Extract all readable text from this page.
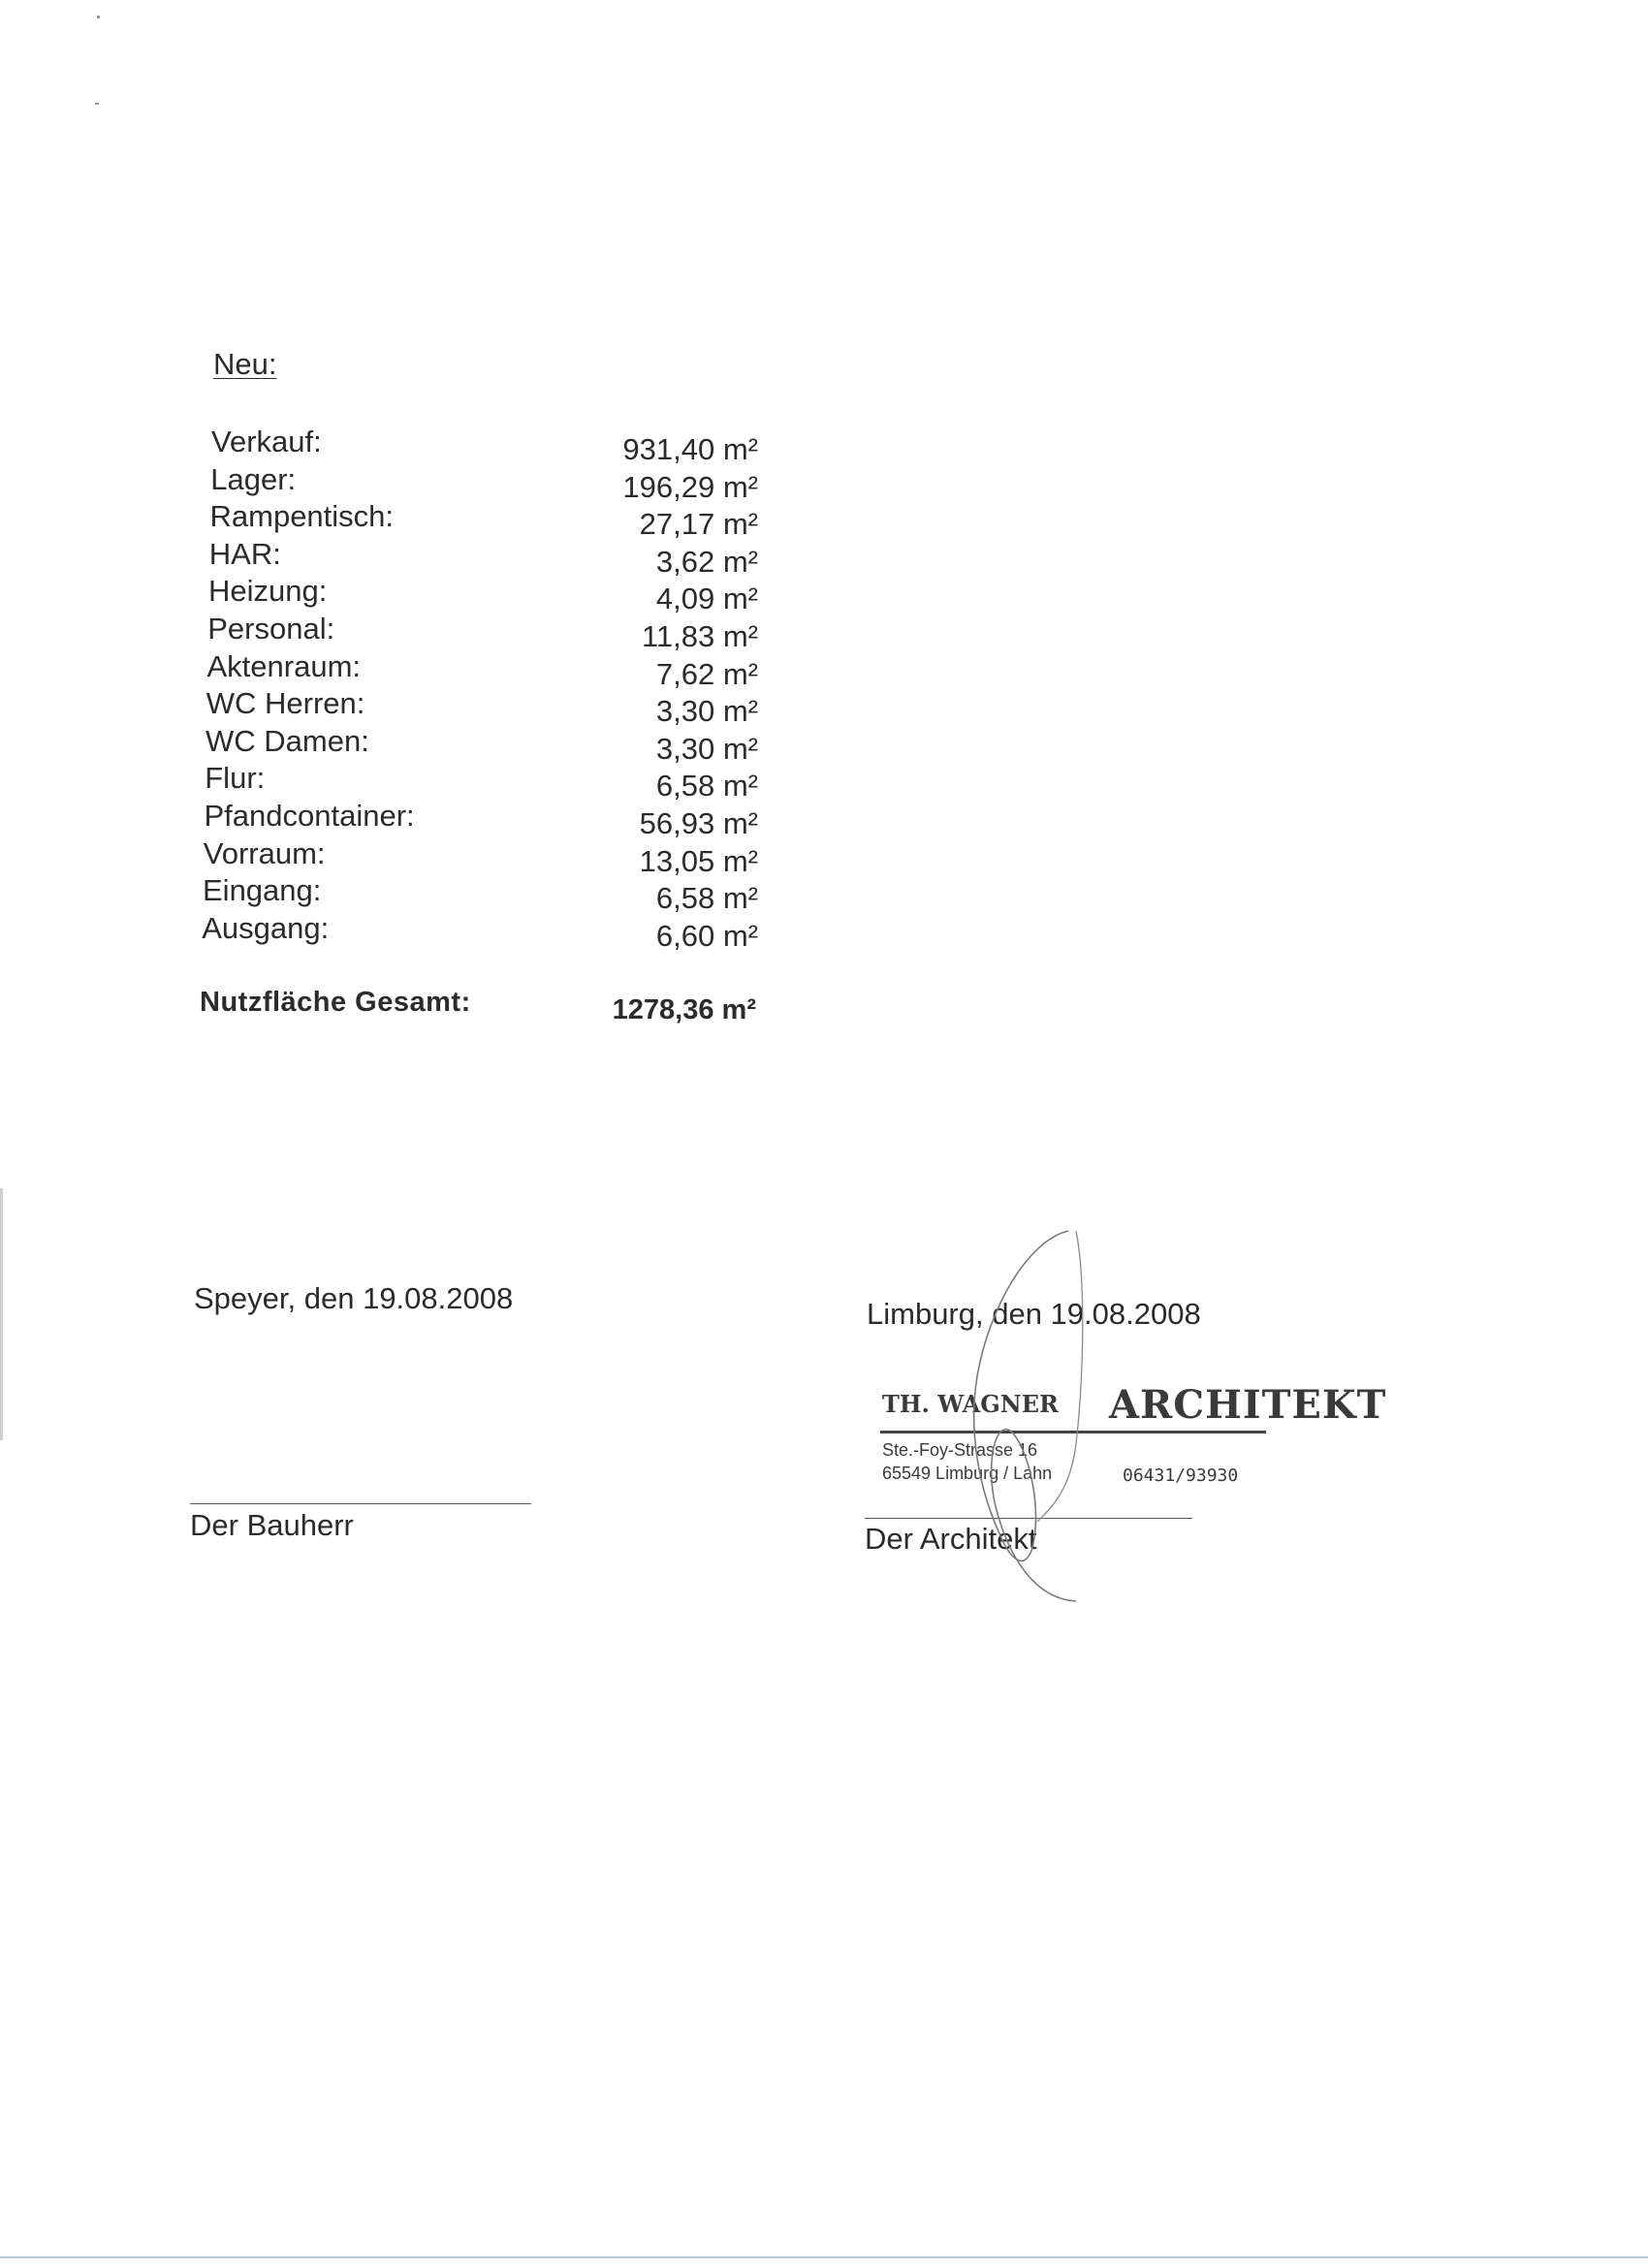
Neu:
Verkauf:	931,40 m²
Lager:	196,29 m²
Rampentisch:	27,17 m²
HAR:	3,62 m²
Heizung:	4,09 m²
Personal:	11,83 m²
Aktenraum:	7,62 m²
WC Herren:	3,30 m²
WC Damen:	3,30 m²
Flur:	6,58 m²
Pfandcontainer:	56,93 m²
Vorraum:	13,05 m²
Eingang:	6,58 m²
Ausgang:	6,60 m²
Nutzfläche Gesamt:	1278,36 m²
Speyer, den 19.08.2008
Der Bauherr
Limburg, den 19.08.2008
TH. WAGNER ARCHITEKT
Ste.-Foy-Strasse 16
65549 Limburg / Lahn	06431/93930
Der Architekt
